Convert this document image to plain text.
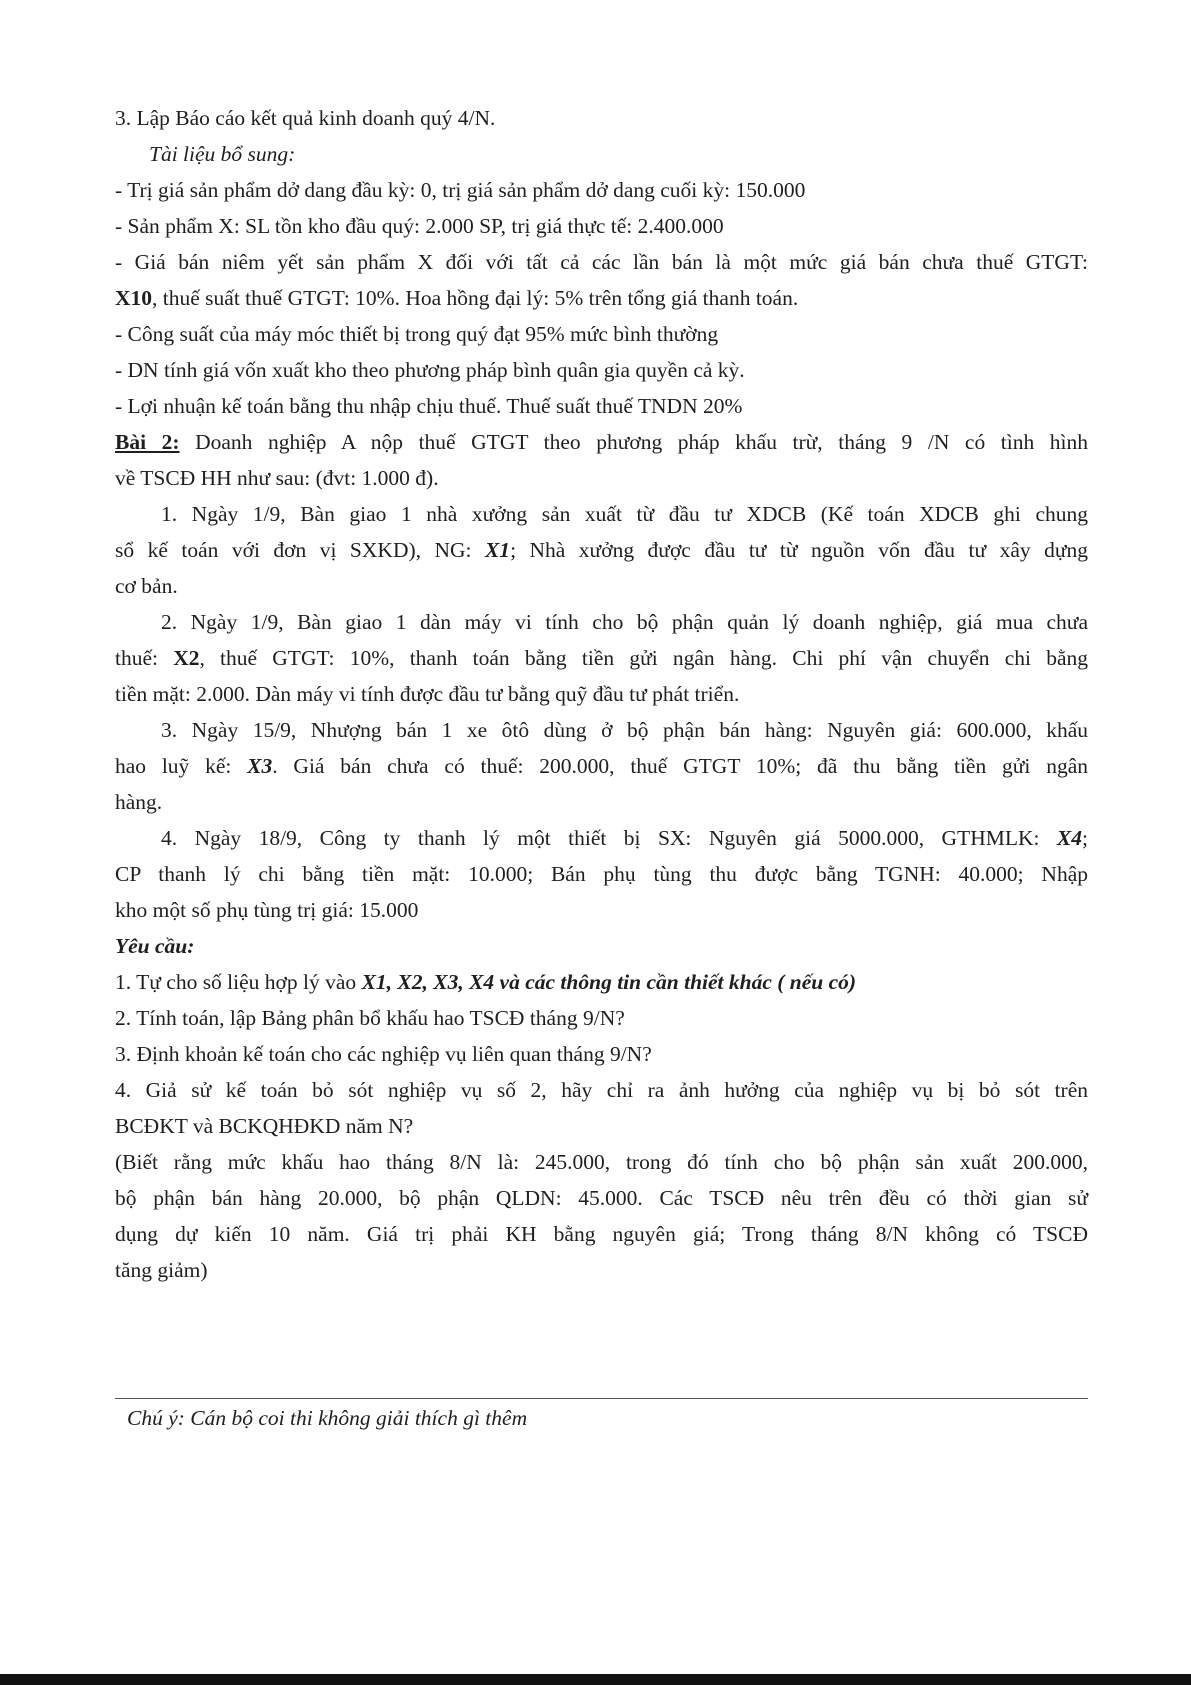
3. Lập Báo cáo kết quả kinh doanh quý 4/N.
Tài liệu bổ sung:
- Trị giá sản phẩm dở dang đầu kỳ: 0, trị giá sản phẩm dở dang cuối kỳ: 150.000
- Sản phẩm X: SL tồn kho đầu quý: 2.000 SP, trị giá thực tế: 2.400.000
- Giá bán niêm yết sản phẩm X đối với tất cả các lần bán là một mức giá bán chưa thuế GTGT:
X10, thuế suất thuế GTGT: 10%. Hoa hồng đại lý: 5% trên tổng giá thanh toán.
- Công suất của máy móc thiết bị trong quý đạt 95% mức bình thường
- DN tính giá vốn xuất kho theo phương pháp bình quân gia quyền cả kỳ.
- Lợi nhuận kế toán bằng thu nhập chịu thuế. Thuế suất thuế TNDN 20%
Bài 2: Doanh nghiệp A nộp thuế GTGT theo phương pháp khấu trừ, tháng 9 /N có tình hình
về TSCĐ HH như sau: (đvt: 1.000 đ).
1. Ngày 1/9, Bàn giao 1 nhà xưởng sản xuất từ đầu tư XDCB (Kế toán XDCB ghi chung
sổ kế toán với đơn vị SXKD), NG: X1; Nhà xưởng được đầu tư từ nguồn vốn đầu tư xây dựng
cơ bản.
2. Ngày 1/9, Bàn giao 1 dàn máy vi tính cho bộ phận quản lý doanh nghiệp, giá mua chưa
thuế: X2, thuế GTGT: 10%, thanh toán bằng tiền gửi ngân hàng. Chi phí vận chuyển chi bằng
tiền mặt: 2.000. Dàn máy vi tính được đầu tư bằng quỹ đầu tư phát triển.
3. Ngày 15/9, Nhượng bán 1 xe ôtô dùng ở bộ phận bán hàng: Nguyên giá: 600.000, khấu
hao luỹ kế: X3. Giá bán chưa có thuế: 200.000, thuế GTGT 10%; đã thu bằng tiền gửi ngân
hàng.
4. Ngày 18/9, Công ty thanh lý một thiết bị SX: Nguyên giá 5000.000, GTHMLK: X4;
CP thanh lý chi bằng tiền mặt: 10.000; Bán phụ tùng thu được bằng TGNH: 40.000; Nhập
kho một số phụ tùng trị giá: 15.000
Yêu cầu:
1. Tự cho số liệu hợp lý vào X1, X2, X3, X4 và các thông tin cần thiết khác ( nếu có)
2. Tính toán, lập Bảng phân bổ khấu hao TSCĐ tháng 9/N?
3. Định khoản kế toán cho các nghiệp vụ liên quan tháng 9/N?
4. Giả sử kế toán bỏ sót nghiệp vụ số 2, hãy chỉ ra ảnh hưởng của nghiệp vụ bị bỏ sót trên
BCĐKT và BCKQHĐKD năm N?
(Biết rằng mức khấu hao tháng 8/N là: 245.000, trong đó tính cho bộ phận sản xuất 200.000,
bộ phận bán hàng 20.000, bộ phận QLDN: 45.000. Các TSCĐ nêu trên đều có thời gian sử
dụng dự kiến 10 năm. Giá trị phải KH bằng nguyên giá; Trong tháng 8/N không có TSCĐ
tăng giảm)
Chú ý: Cán bộ coi thi không giải thích gì thêm
